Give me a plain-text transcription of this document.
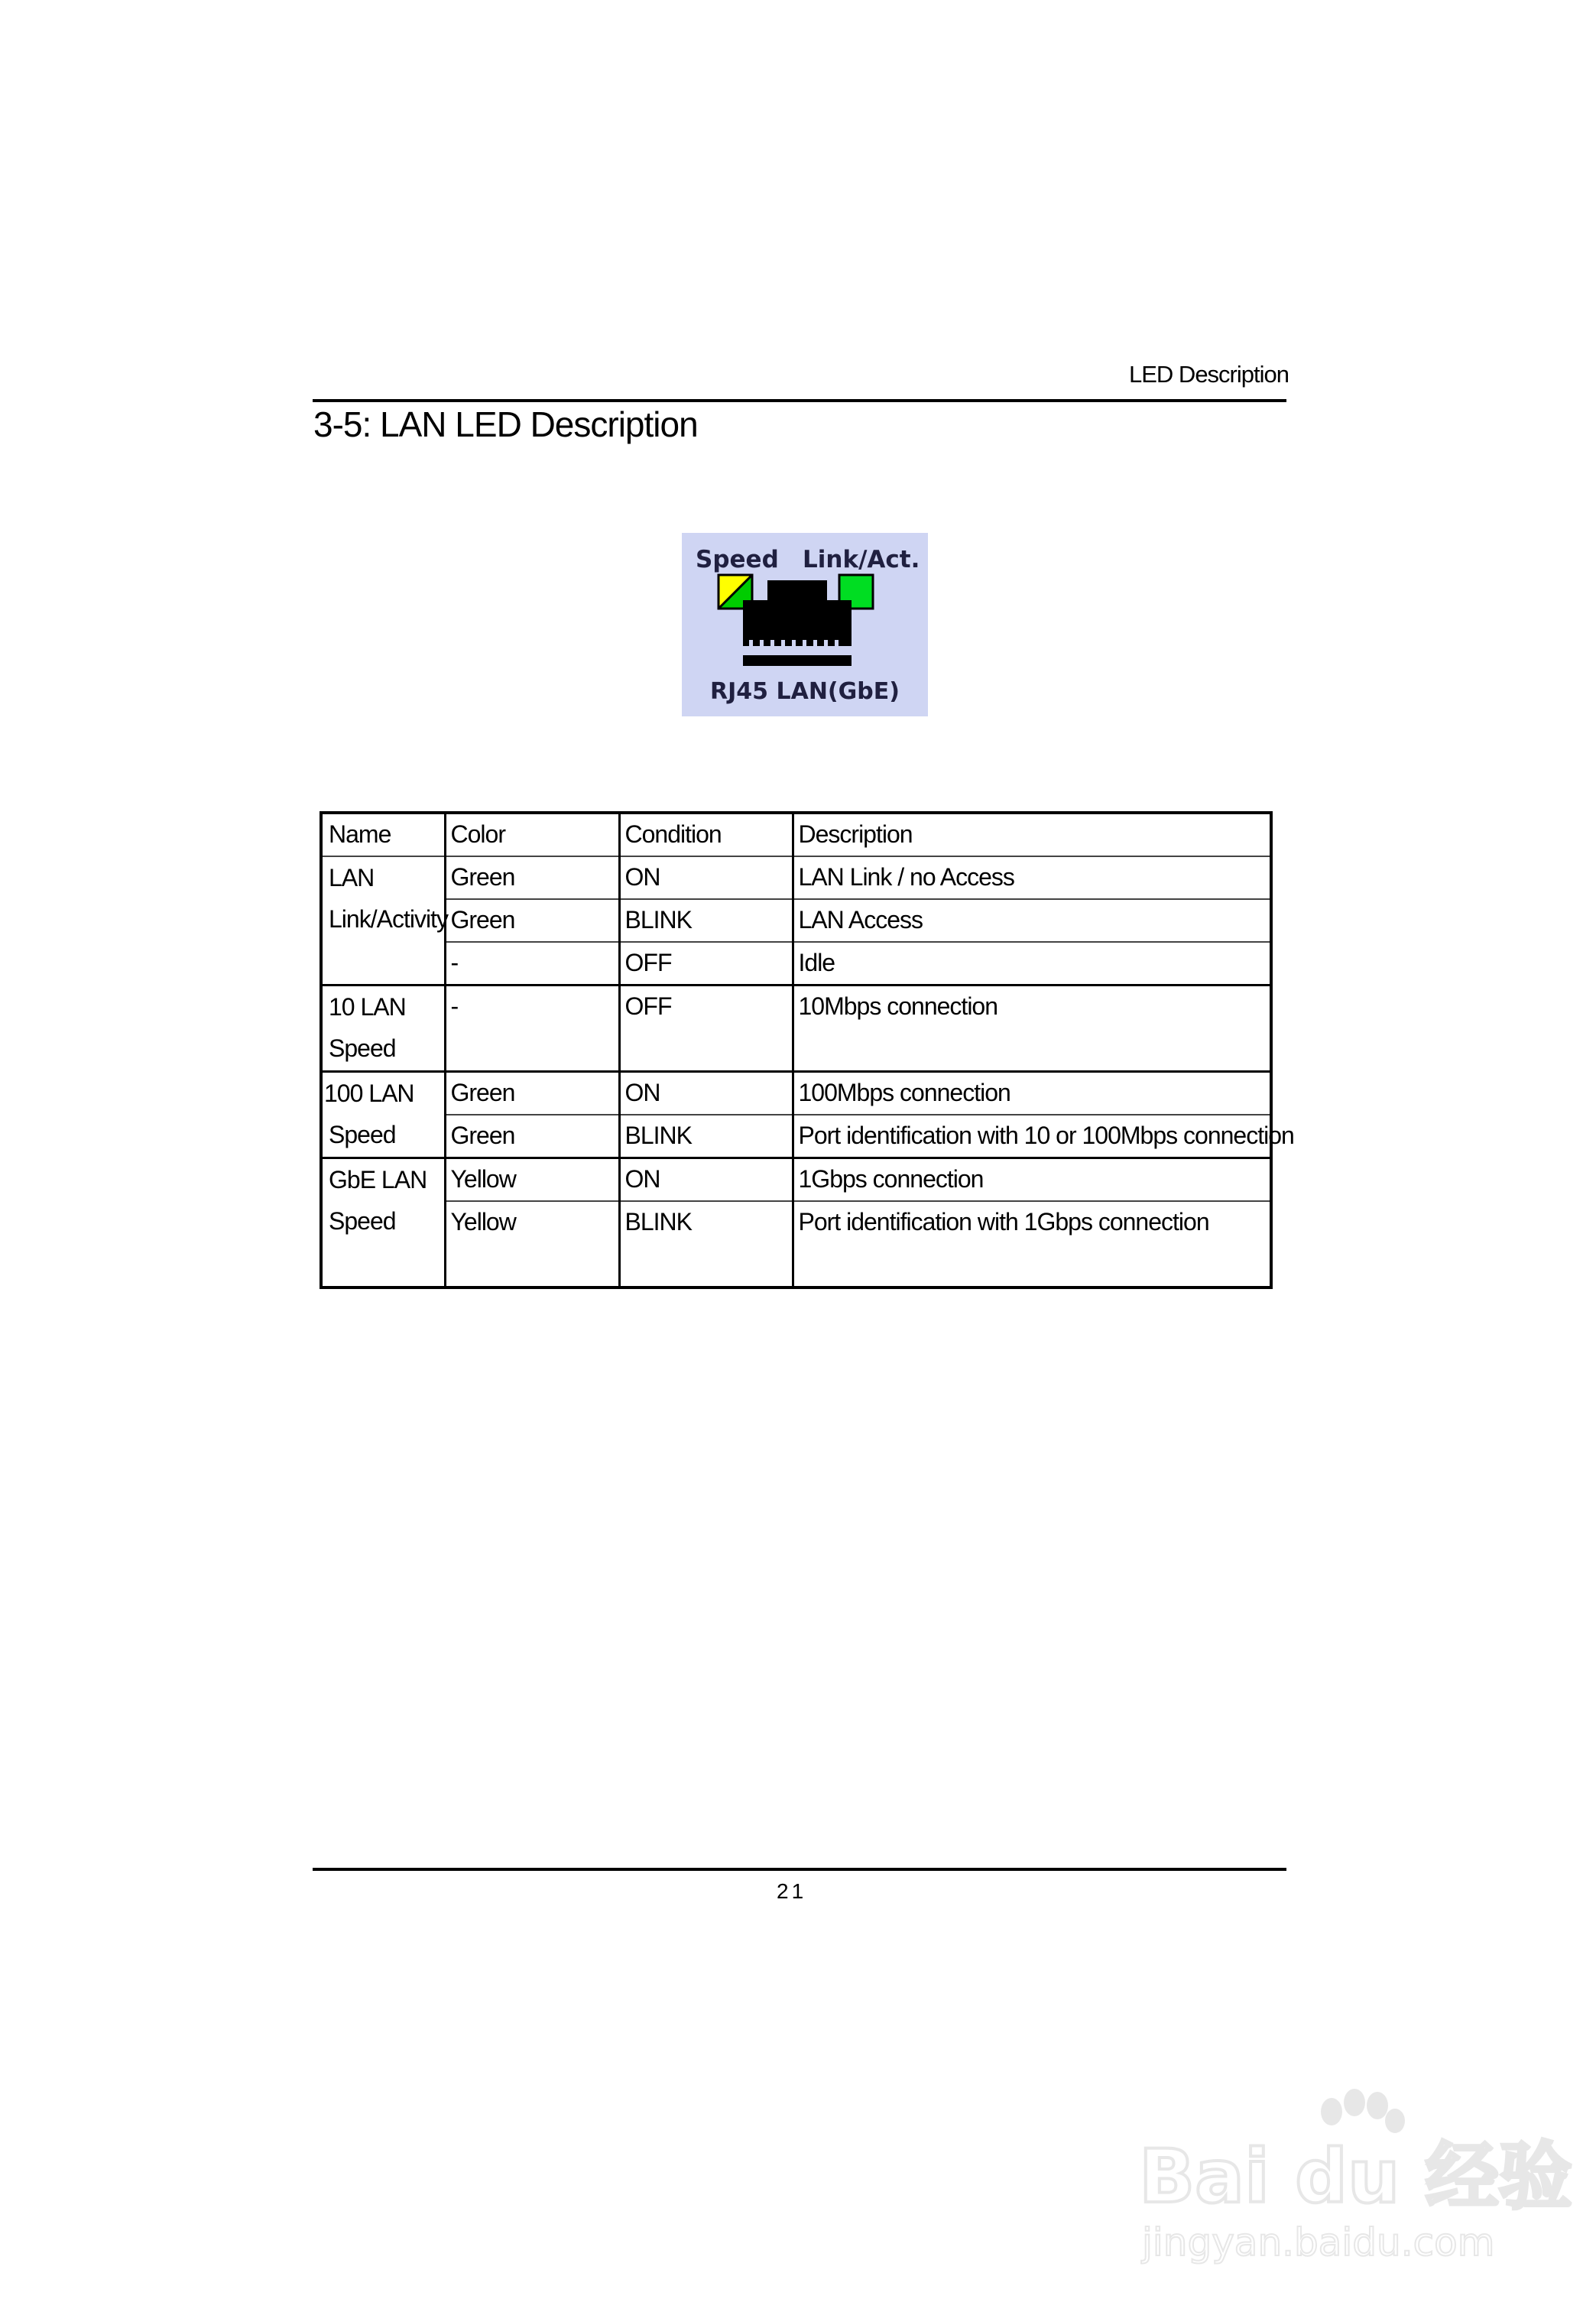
LED Description
3-5: LAN LED Description
Speed Link/Act.
RJ45 LAN(GbE)
Name	Color	Condition	Description

LAN
Link/Activity	Green	ON	LAN Link / no Access
	Green	BLINK	LAN Access
	-	OFF	Idle

10 LAN
Speed	-	OFF	10Mbps connection

100 LAN
Speed	Green	ON	100Mbps connection
	Green	BLINK	Port identification with 10 or 100Mbps connection

GbE LAN
Speed	Yellow	ON	1Gbps connection
	Yellow	BLINK	Port identification with 1Gbps connection
21
Bai du 经验
jingyan.baidu.com
